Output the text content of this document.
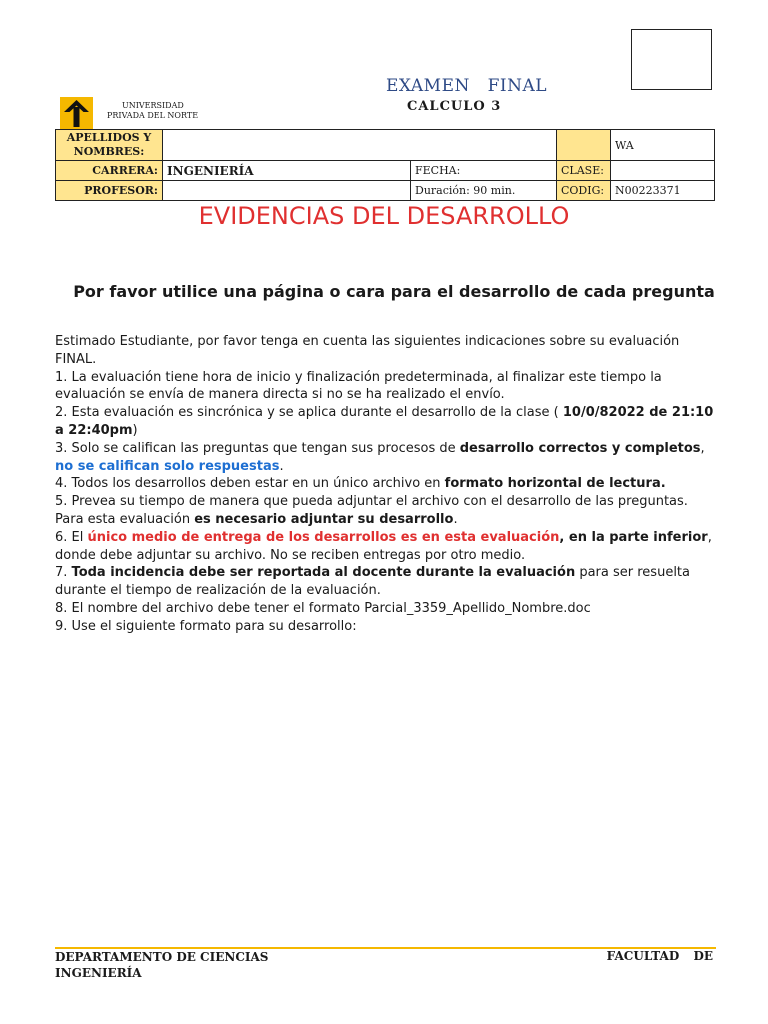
EXAMEN   FINAL
CALCULO 3
UNIVERSIDAD
PRIVADA DEL NORTE
APELLIDOS Y NOMBRES:				WA
CARRERA:	INGENIERÍA	FECHA:	CLASE:	
PROFESOR:		Duración: 90 min.	CODIG:	N00223371
EVIDENCIAS DEL DESARROLLO
Por favor utilice una página o cara para el desarrollo de cada pregunta

Estimado Estudiante, por favor tenga en cuenta las siguientes indicaciones sobre su evaluación FINAL.

1. La evaluación tiene hora de inicio y finalización predeterminada, al finalizar este tiempo la evaluación se envía de manera directa si no se ha realizado el envío.

2. Esta evaluación es sincrónica y se aplica durante el desarrollo de la clase ( 10/0/82022 de 21:10 a 22:40pm)

3. Solo se califican las preguntas que tengan sus procesos de desarrollo correctos y completos, no se califican solo respuestas.

4. Todos los desarrollos deben estar en un único archivo en formato horizontal de lectura.

5. Prevea su tiempo de manera que pueda adjuntar el archivo con el desarrollo de las preguntas. Para esta evaluación es necesario adjuntar su desarrollo.

6. El único medio de entrega de los desarrollos es en esta evaluación, en la parte inferior, donde debe adjuntar su archivo. No se reciben entregas por otro medio.

7. Toda incidencia debe ser reportada al docente durante la evaluación para ser resuelta durante el tiempo de realización de la evaluación.

8. El nombre del archivo debe tener el formato Parcial_3359_Apellido_Nombre.doc

9. Use el siguiente formato para su desarrollo:

DEPARTAMENTO DE CIENCIAS INGENIERÍA
FACULTAD DE
